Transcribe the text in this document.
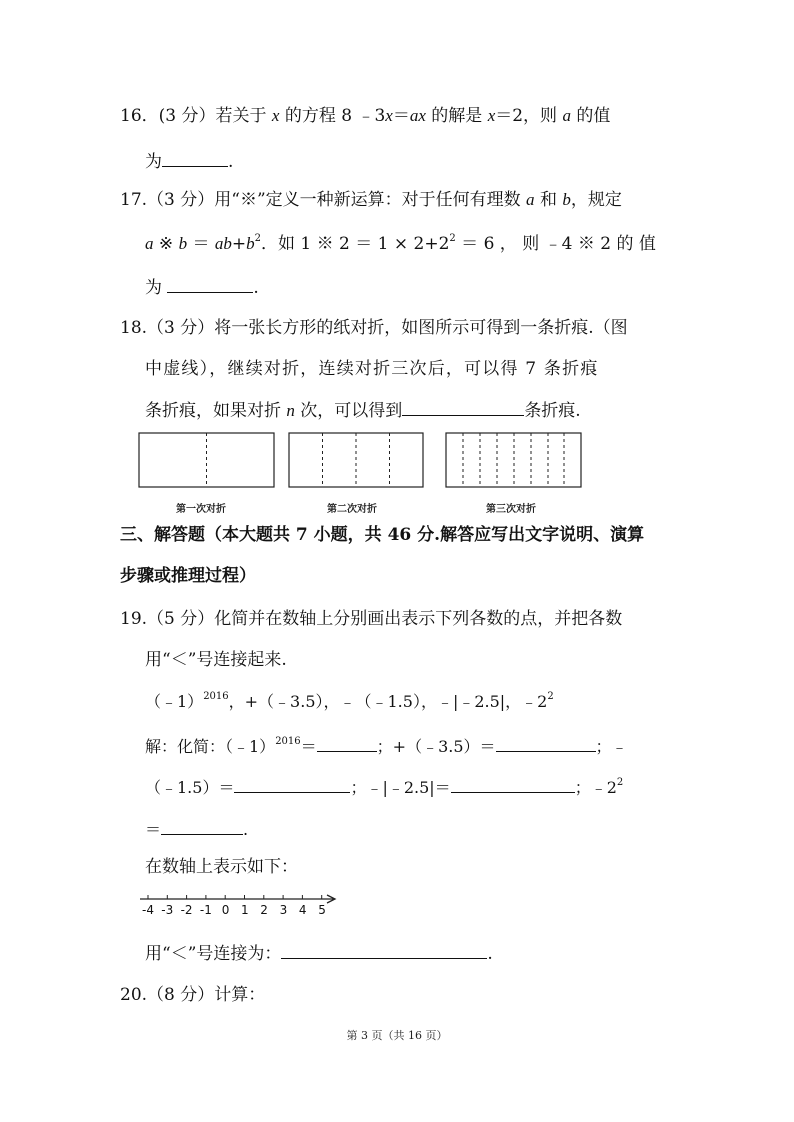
16．(3 分）若关于 x 的方程 8 ﹣3x＝ax 的解是 x＝2，则 a 的值
为	.
17.（3 分）用“※”定义一种新运算：对于任何有理数 a 和 b，规定
a ※ $b = ab+b^2$．如 1 ※ $2 = 1 \times 2+2^2 = 6$ ， 则 ﹣4 ※ 2 的 值
为	.
18.（3 分）将一张长方形的纸对折，如图所示可得到一条折痕.（图
中虚线），继续对折，连续对折三次后，可以得 7 条折痕
条折痕，如果对折 n 次，可以得到	条折痕.
第一次对折	第二次对折	第三次对折
三、解答题（本大题共 7 小题，共 46 分.解答应写出文字说明、演算
步骤或推理过程）
19.（5 分）化简并在数轴上分别画出表示下列各数的点，并把各数
用“＜”号连接起来.
（﹣1）$^{2016}$，+（﹣3.5），﹣（﹣1.5），﹣|﹣2.5|，$﹣2^2$
解：化简：（﹣1）$^{2016}$＝	；+（﹣3.5）＝	；﹣
（﹣1.5）＝	；﹣|﹣2.5|＝	；$﹣2^2$
＝	.
在数轴上表示如下：
-4 -3 -2 -1 0 1 2 3 4 5
用“＜”号连接为：	.
20.（8 分）计算：
第 3 页（共 16 页）
